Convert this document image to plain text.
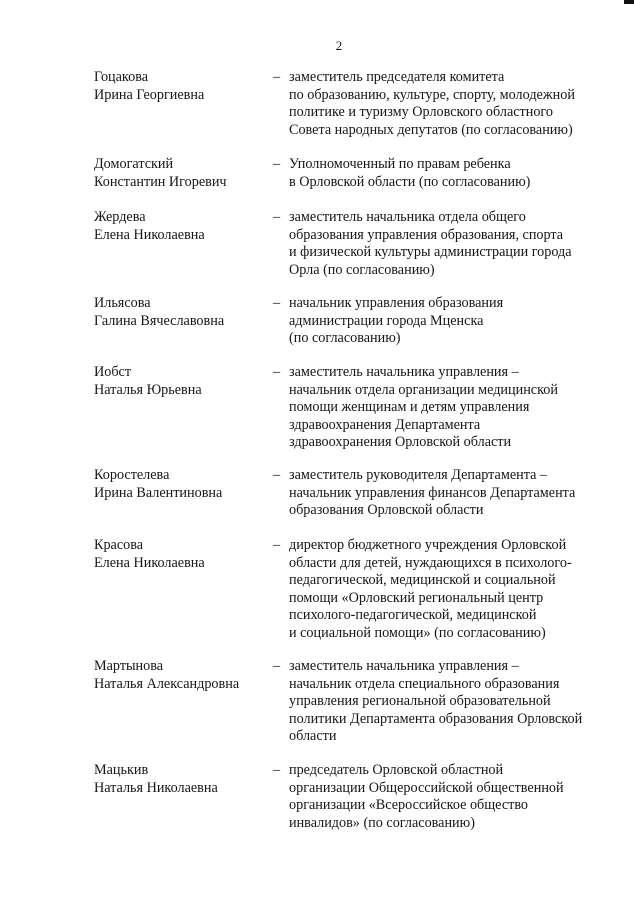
2
Гоцакова
Ирина Георгиевна
– заместитель председателя комитета
по образованию, культуре, спорту, молодежной
политике и туризму Орловского областного
Совета народных депутатов (по согласованию)
Домогатский
Константин Игоревич
– Уполномоченный по правам ребенка
в Орловской области (по согласованию)
Жердева
Елена Николаевна
– заместитель начальника отдела общего
образования управления образования, спорта
и физической культуры администрации города
Орла (по согласованию)
Ильясова
Галина Вячеславовна
– начальник управления образования
администрации города Мценска
(по согласованию)
Иобст
Наталья Юрьевна
– заместитель начальника управления –
начальник отдела организации медицинской
помощи женщинам и детям управления
здравоохранения Департамента
здравоохранения Орловской области
Коростелева
Ирина Валентиновна
– заместитель руководителя Департамента –
начальник управления финансов Департамента
образования Орловской области
Красова
Елена Николаевна
– директор бюджетного учреждения Орловской
области для детей, нуждающихся в психолого-
педагогической, медицинской и социальной
помощи «Орловский региональный центр
психолого-педагогической, медицинской
и социальной помощи» (по согласованию)
Мартынова
Наталья Александровна
– заместитель начальника управления –
начальник отдела специального образования
управления региональной образовательной
политики Департамента образования Орловской
области
Мацькив
Наталья Николаевна
– председатель Орловской областной
организации Общероссийской общественной
организации «Всероссийское общество
инвалидов» (по согласованию)
